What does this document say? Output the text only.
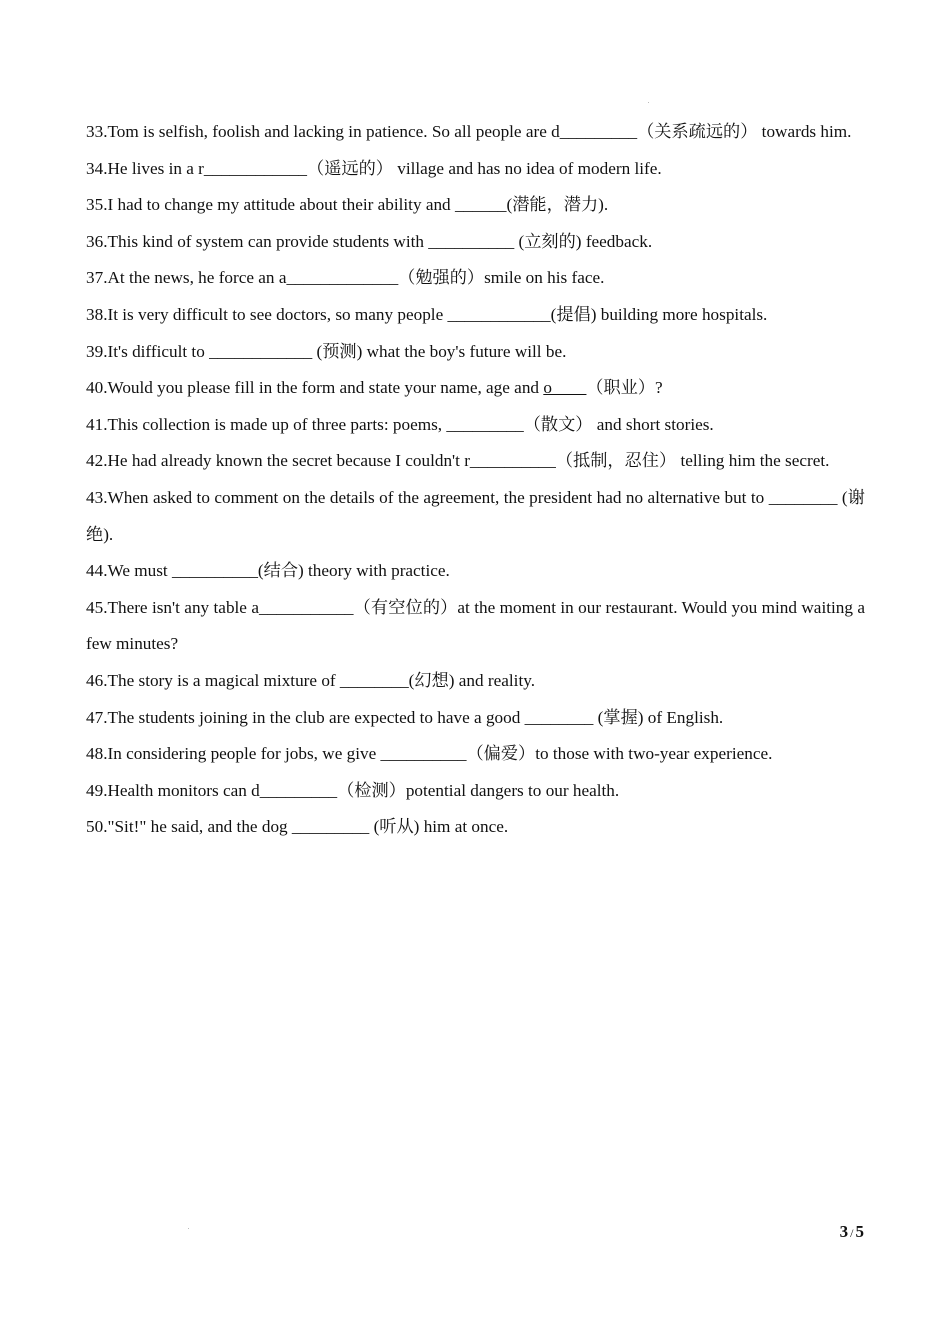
33.Tom is selfish, foolish and lacking in patience. So all people are d_________（关系疏远的） towards him.

34.He lives in a r____________（遥远的） village and has no idea of modern life.

35.I had to change my attitude about their ability and ______(潜能，潜力).

36.This kind of system can provide students with __________ (立刻的) feedback.

37.At the news, he force an a_____________（勉强的）smile on his face.

38.It is very difficult to see doctors, so many people ____________(提倡) building more hospitals.

39.It's difficult to ____________ (预测) what the boy's future will be.

40.Would you please fill in the form and state your name, age and o____（职业）?

41.This collection is made up of three parts: poems, _________（散文） and short stories.

42.He had already known the secret because I couldn't r__________（抵制，忍住） telling him the secret.

43.When asked to comment on the details of the agreement, the president had no alternative but to ________ (谢绝).

44.We must __________(结合) theory with practice.

45.There isn't any table a___________（有空位的）at the moment in our restaurant. Would you mind waiting a few minutes?

46.The story is a magical mixture of ________(幻想) and reality.

47.The students joining in the club are expected to have a good ________ (掌握) of English.

48.In considering people for jobs, we give __________（偏爱）to those with two-year experience.

49.Health monitors can d_________（检测）potential dangers to our health.

50."Sit!" he said, and the dog _________ (听从) him at once.

3 / 5
